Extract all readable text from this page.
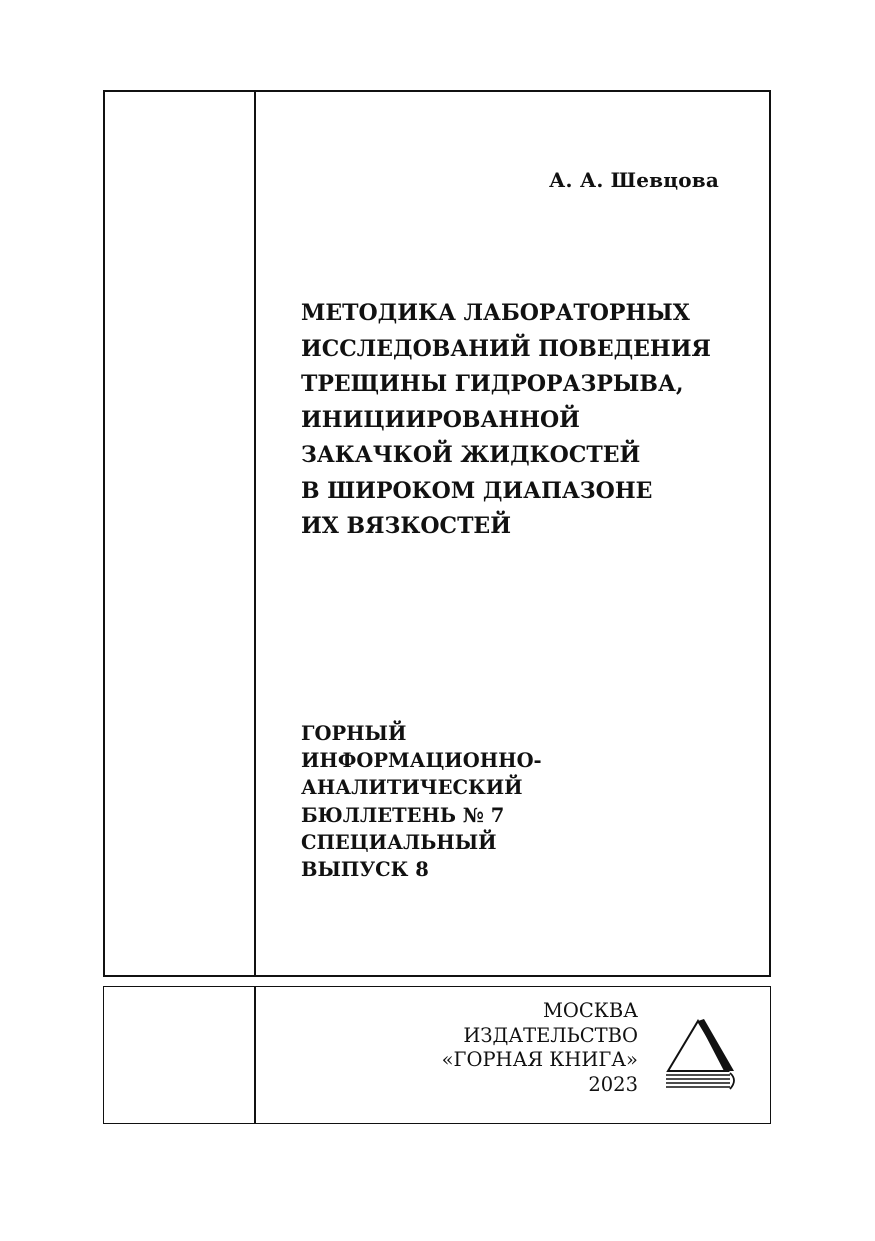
А. А. Шевцова
МЕТОДИКА ЛАБОРАТОРНЫХ
ИССЛЕДОВАНИЙ ПОВЕДЕНИЯ
ТРЕЩИНЫ ГИДРОРАЗРЫВА,
ИНИЦИИРОВАННОЙ
ЗАКАЧКОЙ ЖИДКОСТЕЙ
В ШИРОКОМ ДИАПАЗОНЕ
ИХ ВЯЗКОСТЕЙ
ГОРНЫЙ
ИНФОРМАЦИОННО-
АНАЛИТИЧЕСКИЙ
БЮЛЛЕТЕНЬ № 7
СПЕЦИАЛЬНЫЙ
ВЫПУСК 8
МОСКВА
ИЗДАТЕЛЬСТВО
«ГОРНАЯ КНИГА»
2023
